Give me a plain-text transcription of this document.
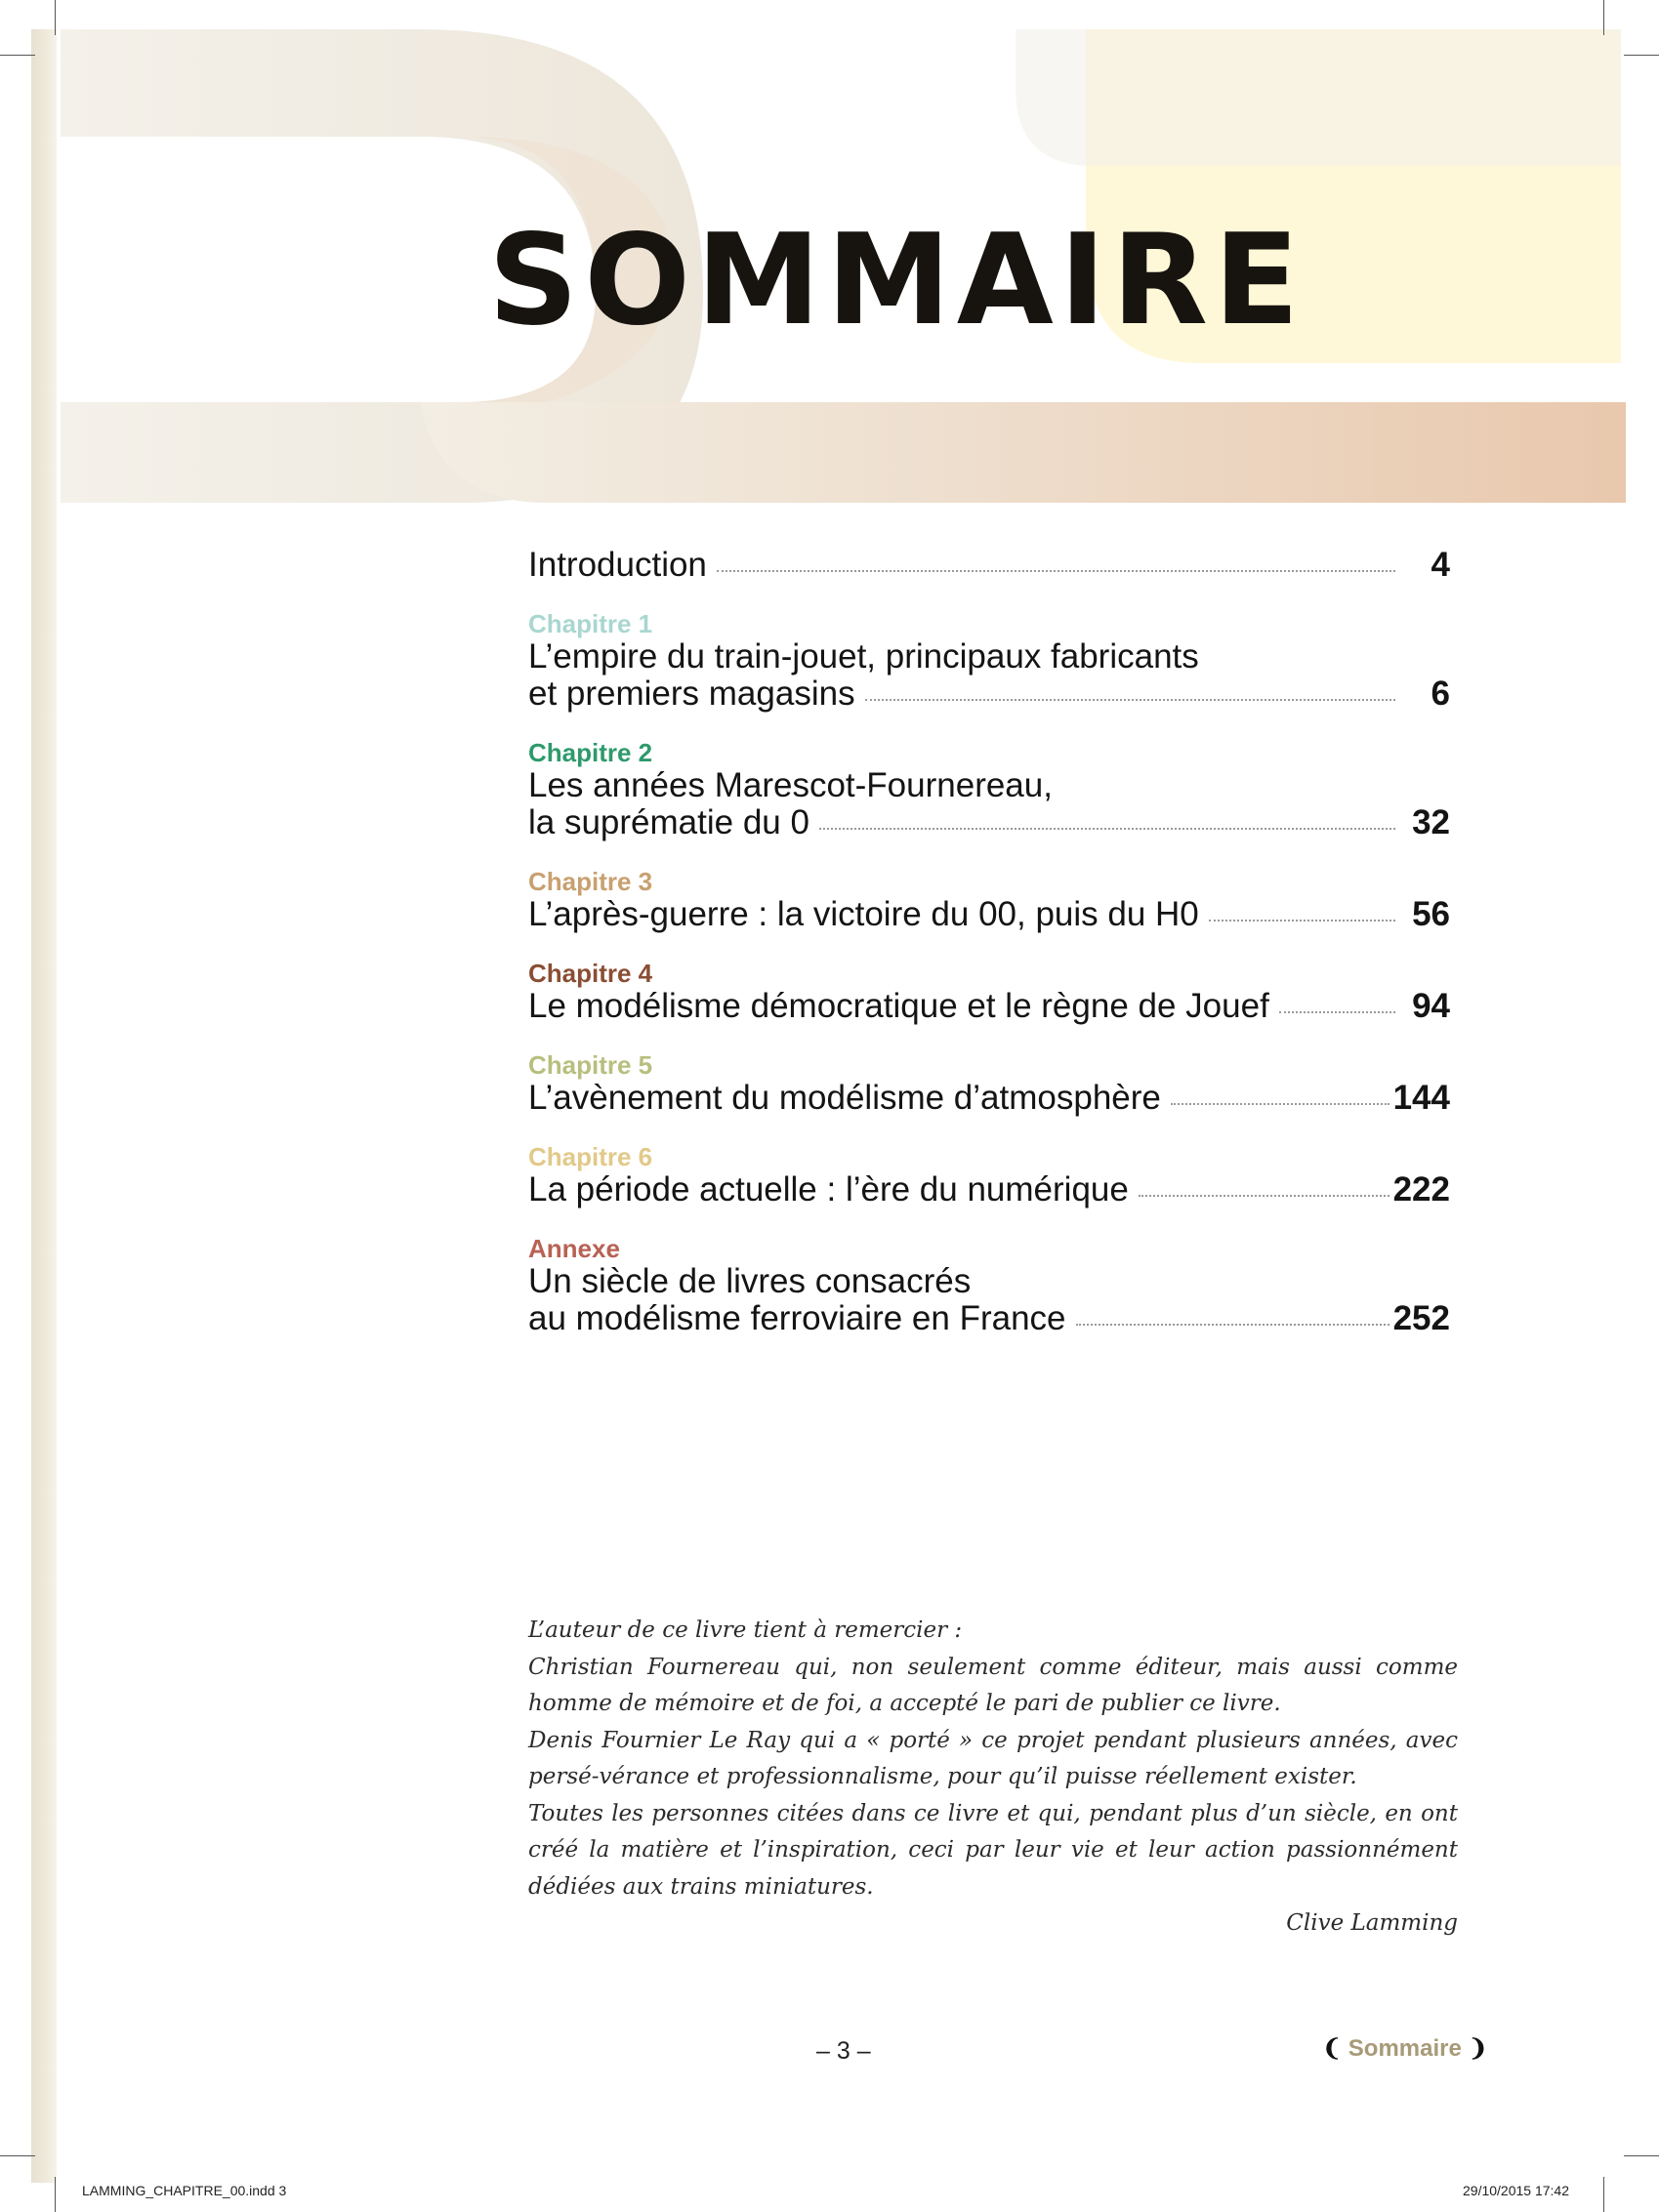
SOMMAIRE
Introduction	4
Chapitre 1
L’empire du train-jouet, principaux fabricants
et premiers magasins	6
Chapitre 2
Les années Marescot-Fournereau,
la suprématie du 0	32
Chapitre 3
L’après-guerre : la victoire du 00, puis du H0	56
Chapitre 4
Le modélisme démocratique et le règne de Jouef	94
Chapitre 5
L’avènement du modélisme d’atmosphère	144
Chapitre 6
La période actuelle : l’ère du numérique	222
Annexe
Un siècle de livres consacrés
au modélisme ferroviaire en France	252

L’auteur de ce livre tient à remercier :

Christian Fournereau qui, non seulement comme éditeur, mais aussi comme homme de mémoire et de foi, a accepté le pari de publier ce livre.

Denis Fournier Le Ray qui a « porté » ce projet pendant plusieurs années, avec persé-vérance et professionnalisme, pour qu’il puisse réellement exister.

Toutes les personnes citées dans ce livre et qui, pendant plus d’un siècle, en ont créé la matière et l’inspiration, ceci par leur vie et leur action passionnément dédiées aux trains miniatures.

Clive Lamming

– 3 –	❨ Sommaire ❩
LAMMING_CHAPITRE_00.indd 3	29/10/2015 17:42
